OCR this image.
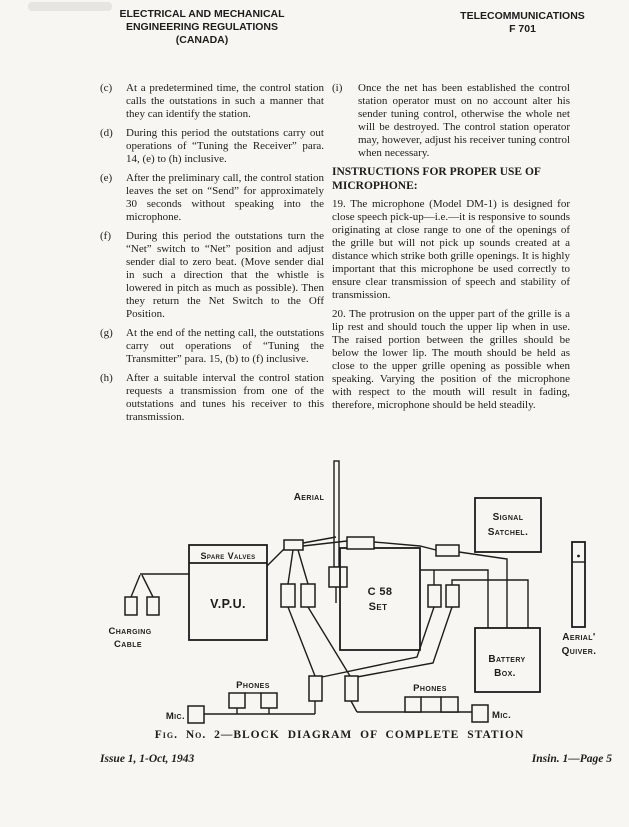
ELECTRICAL AND MECHANICAL
ENGINEERING REGULATIONS
(CANADA)
TELECOMMUNICATIONS
F 701
(c)	At a predetermined time, the control station calls the outstations in such a manner that they can identify the station.
(d)	During this period the outstations carry out operations of “Tuning the Receiver” para. 14, (e) to (h) inclusive.
(e)	After the preliminary call, the control station leaves the set on “Send” for approximately 30 seconds without speaking into the microphone.
(f)	During this period the outstations turn the “Net” switch to “Net” position and adjust sender dial to zero beat. (Move sender dial in such a direction that the whistle is lowered in pitch as much as possible). Then they return the Net Switch to the Off Position.
(g)	At the end of the netting call, the outstations carry out operations of “Tuning the Transmitter” para. 15, (b) to (f) inclusive.
(h)	After a suitable interval the control station requests a transmission from one of the outstations and tunes his receiver to this transmission.
(i)	Once the net has been established the control station operator must on no account alter his sender tuning control, otherwise the whole net will be destroyed. The control station operator may, however, adjust his receiver tuning control when necessary.
INSTRUCTIONS FOR PROPER USE OF MICROPHONE:
19. The microphone (Model DM-1) is designed for close speech pick-up—i.e.—it is responsive to sounds originating at close range to one of the openings of the grille but will not pick up sounds created at a distance which strike both grille openings. It is highly important that this microphone be used correctly to ensure clear transmission of speech and stability of transmission.
20. The protrusion on the upper part of the grille is a lip rest and should touch the upper lip when in use. The raised portion between the grilles should be below the lower lip. The mouth should be held as close to the upper grille opening as possible when speaking. Varying the position of the microphone with respect to the mouth will result in fading, therefore, microphone should be held steadily.
Charging
Cable
Spare Valves
V.P.U.
Aerial
C 58
Set
Signal
Satchel.
Battery
Box.
Aerial'
Quiver.
Phones
Mic.
Phones
Mic.
Fig. No. 2—BLOCK DIAGRAM OF COMPLETE STATION
Issue 1, 1-Oct, 1943	Insin. 1—Page 5
